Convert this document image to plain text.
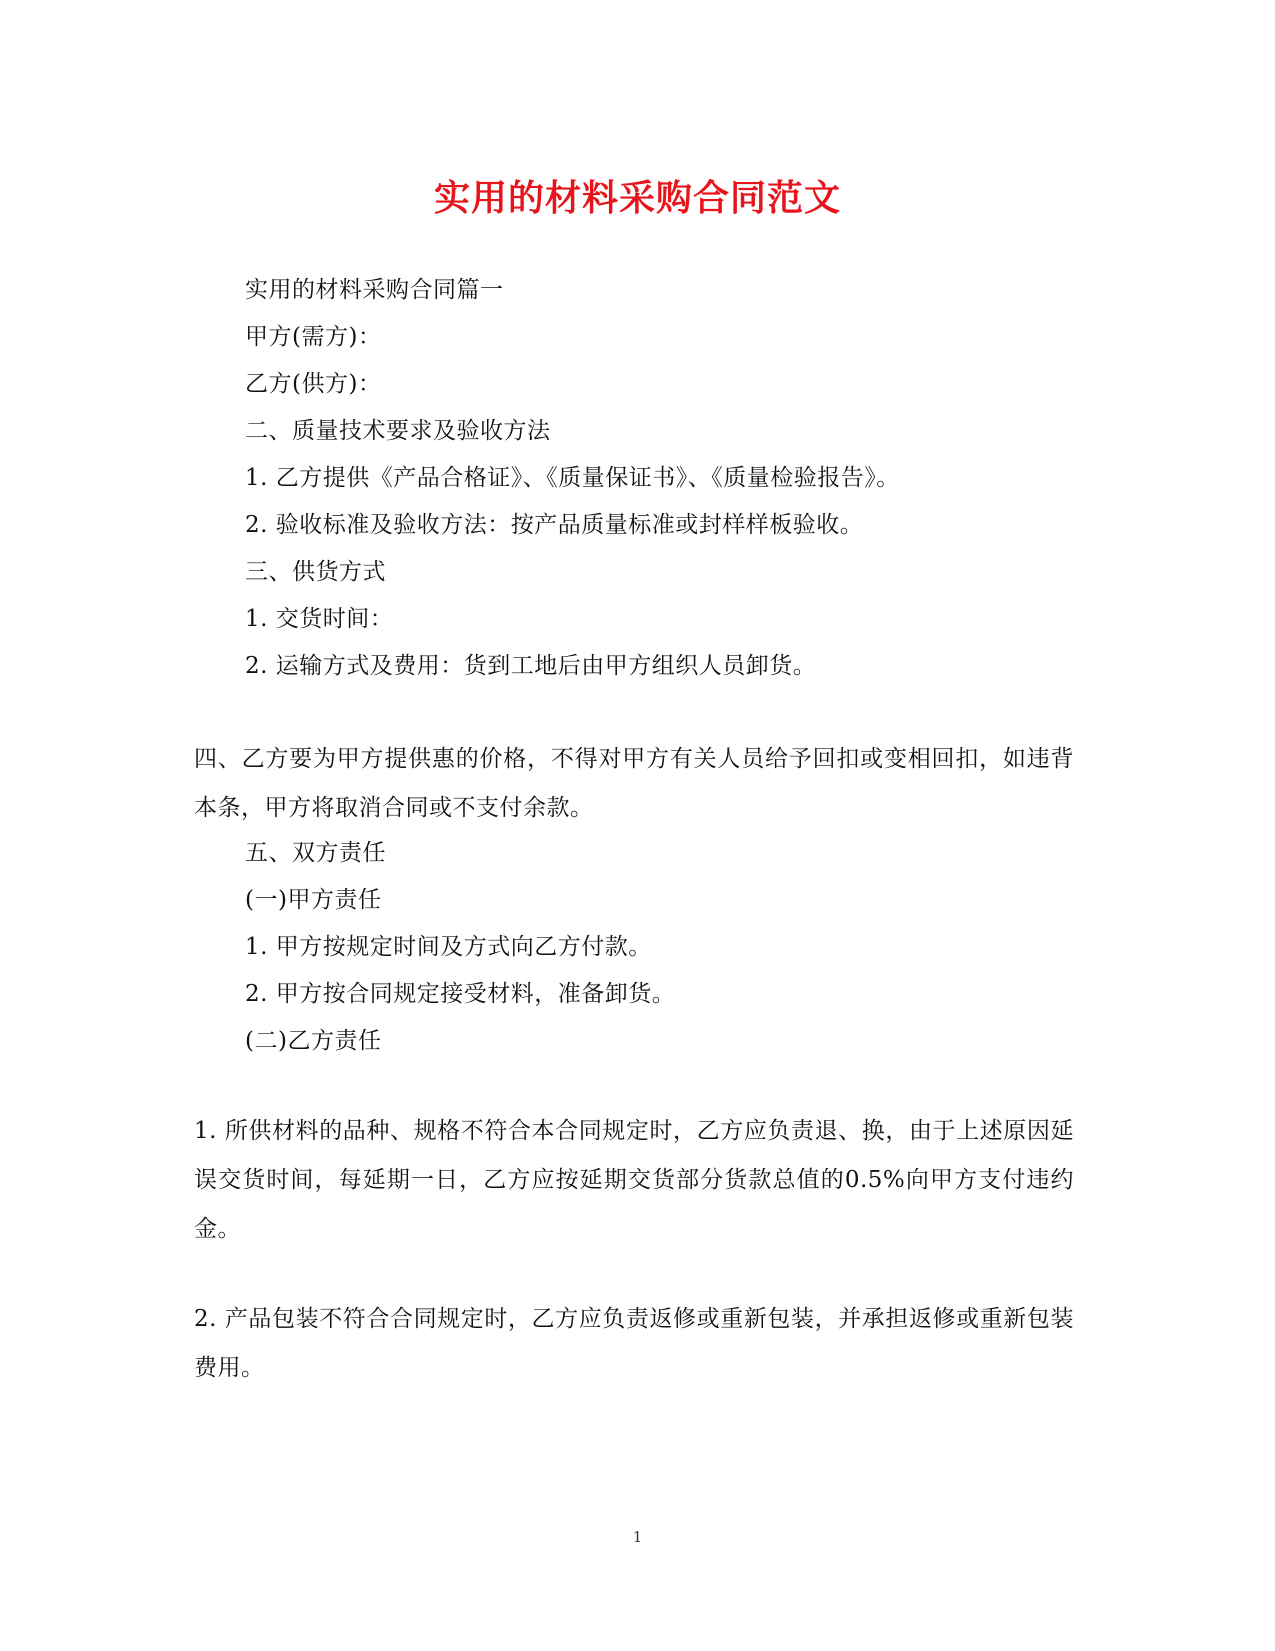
实用的材料采购合同范文
实用的材料采购合同篇一
甲方(需方)：
乙方(供方)：
二、质量技术要求及验收方法
1. 乙方提供《产品合格证》、《质量保证书》、《质量检验报告》。
2. 验收标准及验收方法：按产品质量标准或封样样板验收。
三、供货方式
1. 交货时间：
2. 运输方式及费用：货到工地后由甲方组织人员卸货。
四、乙方要为甲方提供惠的价格，不得对甲方有关人员给予回扣或变相回扣，如违背本条，甲方将取消合同或不支付余款。
五、双方责任
(一)甲方责任
1. 甲方按规定时间及方式向乙方付款。
2. 甲方按合同规定接受材料，准备卸货。
(二)乙方责任
1. 所供材料的品种、规格不符合本合同规定时，乙方应负责退、换，由于上述原因延误交货时间，每延期一日，乙方应按延期交货部分货款总值的0.5%向甲方支付违约金。
2. 产品包装不符合合同规定时，乙方应负责返修或重新包装，并承担返修或重新包装费用。
1
